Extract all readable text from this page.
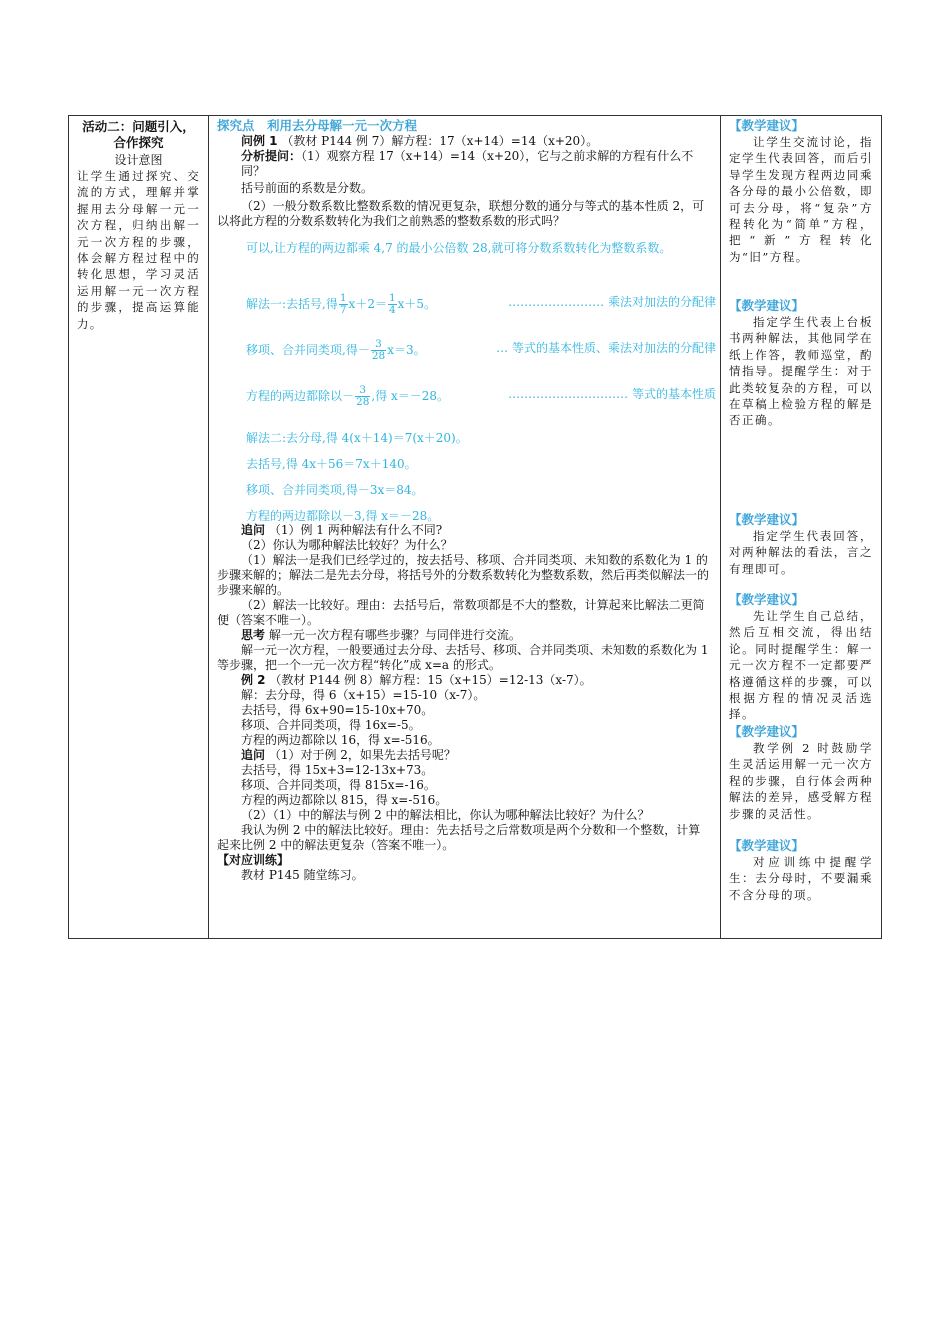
活动二：问题引入，合作探究
设计意图
让学生通过探究、交流的方式，理解并掌握用去分母解一元一次方程，归纳出解一元一次方程的步骤，体会解方程过程中的转化思想，学习灵活运用解一元一次方程的步骤，提高运算能力。
探究点　利用去分母解一元一次方程

问例 1 （教材 P144 例 7）解方程：17（x+14）=14（x+20）。

分析提问：（1）观察方程 17（x+14）=14（x+20），它与之前求解的方程有什么不同？

括号前面的系数是分数。

（2）一般分数系数比整数系数的情况更复杂，联想分数的通分与等式的基本性质 2，可以将此方程的分数系数转化为我们之前熟悉的整数系数的形式吗？

可以,让方程的两边都乘 4,7 的最小公倍数 28,就可将分数系数转化为整数系数。
解法一:去括号,得 $\frac{1}{7} x+2= \frac{1}{4} x+5$。	…………………… 乘法对加法的分配律
移项、合并同类项,得－ $\frac{3}{28} x=3$。	… 等式的基本性质、乘法对加法的分配律
方程的两边都除以－ $\frac{3}{28}$ ,得 x＝－28。	………………………… 等式的基本性质
解法二:去分母,得 4(x＋14)＝7(x＋20)。
去括号,得 4x＋56＝7x＋140。
移项、合并同类项,得－3x＝84。
方程的两边都除以－3,得 x＝－28。

追问 （1）例 1 两种解法有什么不同?

（2）你认为哪种解法比较好？为什么？

（1）解法一是我们已经学过的，按去括号、移项、合并同类项、未知数的系数化为 1 的步骤来解的；解法二是先去分母，将括号外的分数系数转化为整数系数，然后再类似解法一的步骤来解的。

（2）解法一比较好。理由：去括号后，常数项都是不大的整数，计算起来比解法二更简便（答案不唯一）。

思考 解一元一次方程有哪些步骤？与同伴进行交流。

解一元一次方程，一般要通过去分母、去括号、移项、合并同类项、未知数的系数化为 1 等步骤，把一个一元一次方程“转化”成 x=a 的形式。

例 2 （教材 P144 例 8）解方程：15（x+15）=12-13（x-7）。

解：去分母，得 6（x+15）=15-10（x-7）。

去括号，得 6x+90=15-10x+70。

移项、合并同类项，得 16x=-5。

方程的两边都除以 16，得 x=-516。

追问 （1）对于例 2，如果先去括号呢？

去括号，得 15x+3=12-13x+73。

移项、合并同类项，得 815x=-16。

方程的两边都除以 815，得 x=-516。

（2）（1）中的解法与例 2 中的解法相比，你认为哪种解法比较好？为什么？

我认为例 2 中的解法比较好。理由：先去括号之后常数项是两个分数和一个整数，计算起来比例 2 中的解法更复杂（答案不唯一）。

【对应训练】

教材 P145 随堂练习。

【教学建议】

让学生交流讨论，指定学生代表回答，而后引导学生发现方程两边同乘各分母的最小公倍数，即可去分母，将“复杂”方程转化为“简单”方程，把“新”方程转化为“旧”方程。

【教学建议】

指定学生代表上台板书两种解法，其他同学在纸上作答，教师巡堂，酌情指导。提醒学生：对于此类较复杂的方程，可以在草稿上检验方程的解是否正确。

【教学建议】

指定学生代表回答，对两种解法的看法，言之有理即可。

【教学建议】

先让学生自己总结，然后互相交流，得出结论。同时提醒学生：解一元一次方程不一定都要严格遵循这样的步骤，可以根据方程的情况灵活选择。

【教学建议】

教学例 2 时鼓励学生灵活运用解一元一次方程的步骤，自行体会两种解法的差异，感受解方程步骤的灵活性。

【教学建议】

对应训练中提醒学生：去分母时，不要漏乘不含分母的项。
